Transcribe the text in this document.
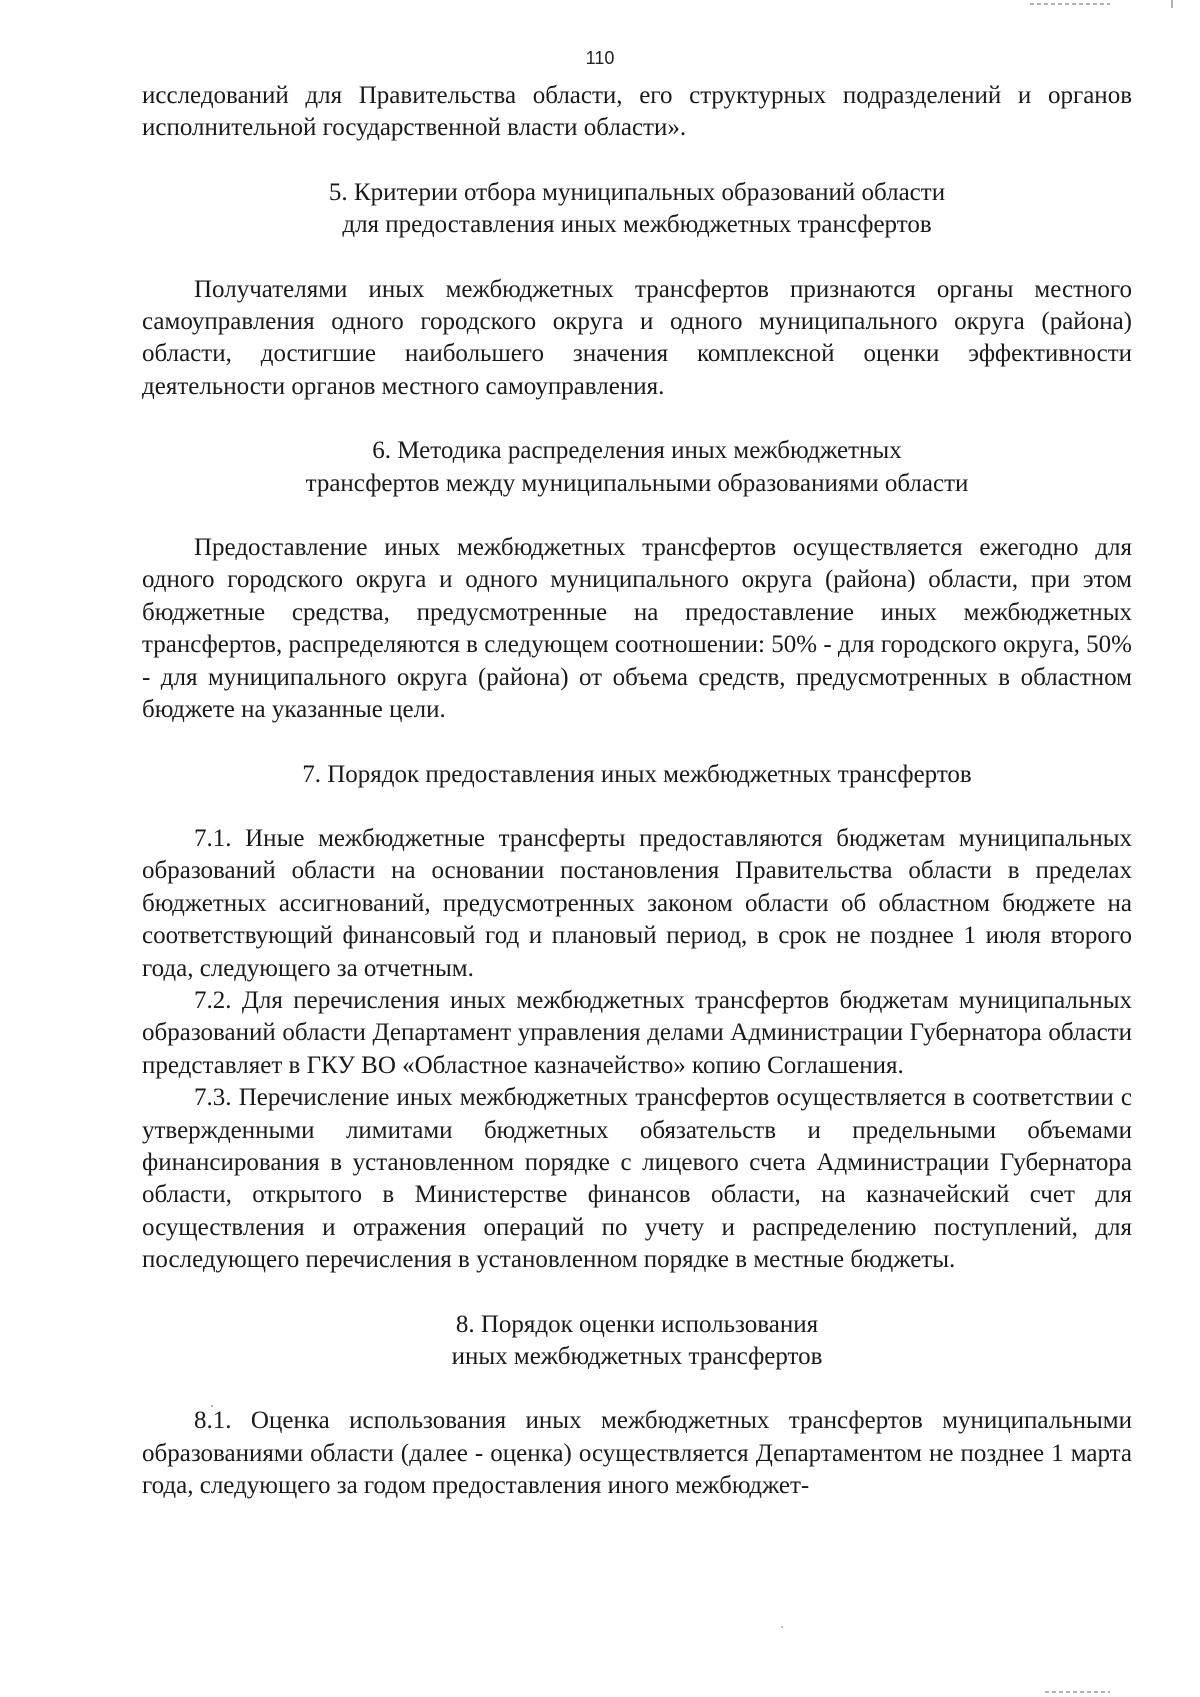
110

исследований для Правительства области, его структурных подразделений и органов исполнительной государственной власти области».

5. Критерии отбора муниципальных образований области

для предоставления иных межбюджетных трансфертов

Получателями иных межбюджетных трансфертов признаются органы местного самоуправления одного городского округа и одного муниципального округа (района) области, достигшие наибольшего значения комплексной оценки эффективности деятельности органов местного самоуправления.

6. Методика распределения иных межбюджетных

трансфертов между муниципальными образованиями области

Предоставление иных межбюджетных трансфертов осуществляется ежегодно для одного городского округа и одного муниципального округа (района) области, при этом бюджетные средства, предусмотренные на предоставление иных межбюджетных трансфертов, распределяются в следующем соотношении: 50% - для городского округа, 50% - для муниципального округа (района) от объема средств, предусмотренных в областном бюджете на указанные цели.

7. Порядок предоставления иных межбюджетных трансфертов

7.1. Иные межбюджетные трансферты предоставляются бюджетам муниципальных образований области на основании постановления Правительства области в пределах бюджетных ассигнований, предусмотренных законом области об областном бюджете на соответствующий финансовый год и плановый период, в срок не позднее 1 июля второго года, следующего за отчетным.

7.2. Для перечисления иных межбюджетных трансфертов бюджетам муниципальных образований области Департамент управления делами Администрации Губернатора области представляет в ГКУ ВО «Областное казначейство» копию Соглашения.

7.3. Перечисление иных межбюджетных трансфертов осуществляется в соответствии с утвержденными лимитами бюджетных обязательств и предельными объемами финансирования в установленном порядке с лицевого счета Администрации Губернатора области, открытого в Министерстве финансов области, на казначейский счет для осуществления и отражения операций по учету и распределению поступлений, для последующего перечисления в установленном порядке в местные бюджеты.

8. Порядок оценки использования

иных межбюджетных трансфертов

8.1. Оценка использования иных межбюджетных трансфертов муниципальными образованиями области (далее - оценка) осуществляется Департаментом не позднее 1 марта года, следующего за годом предоставления иного межбюджет-
